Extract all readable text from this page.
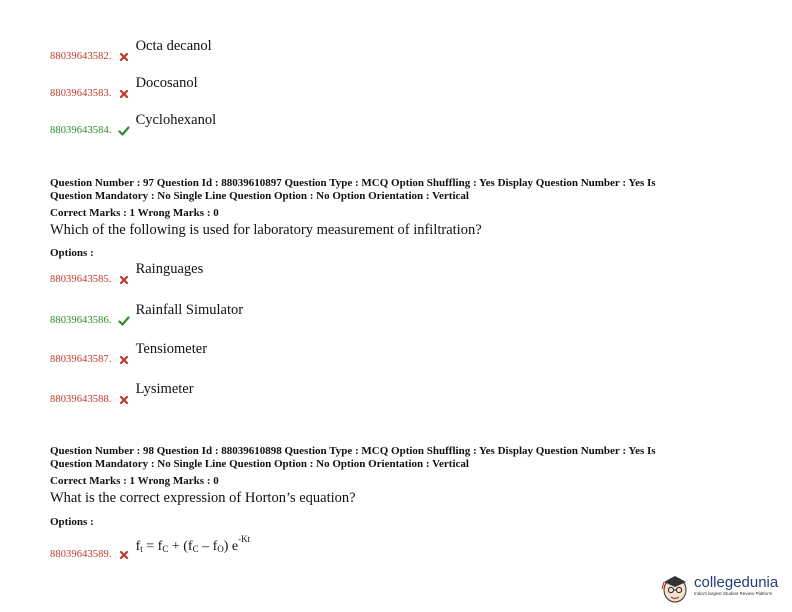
88039643582.
Octa decanol
88039643583.
Docosanol
88039643584.
Cyclohexanol
Question Number : 97 Question Id : 88039610897 Question Type : MCQ Option Shuffling : Yes Display Question Number : Yes Is
Question Mandatory : No Single Line Question Option : No Option Orientation : Vertical
Correct Marks : 1 Wrong Marks : 0
Which of the following is used for laboratory measurement of infiltration?
Options :
88039643585.
Rainguages
88039643586.
Rainfall Simulator
88039643587.
Tensiometer
88039643588.
Lysimeter
Question Number : 98 Question Id : 88039610898 Question Type : MCQ Option Shuffling : Yes Display Question Number : Yes Is
Question Mandatory : No Single Line Question Option : No Option Orientation : Vertical
Correct Marks : 1 Wrong Marks : 0
What is the correct expression of Horton’s equation?
Options :
88039643589.
$f_t = f_C + (f_C - f_O)$ $e^{-Kt}$
collegedunia
India's largest Student Review Platform
